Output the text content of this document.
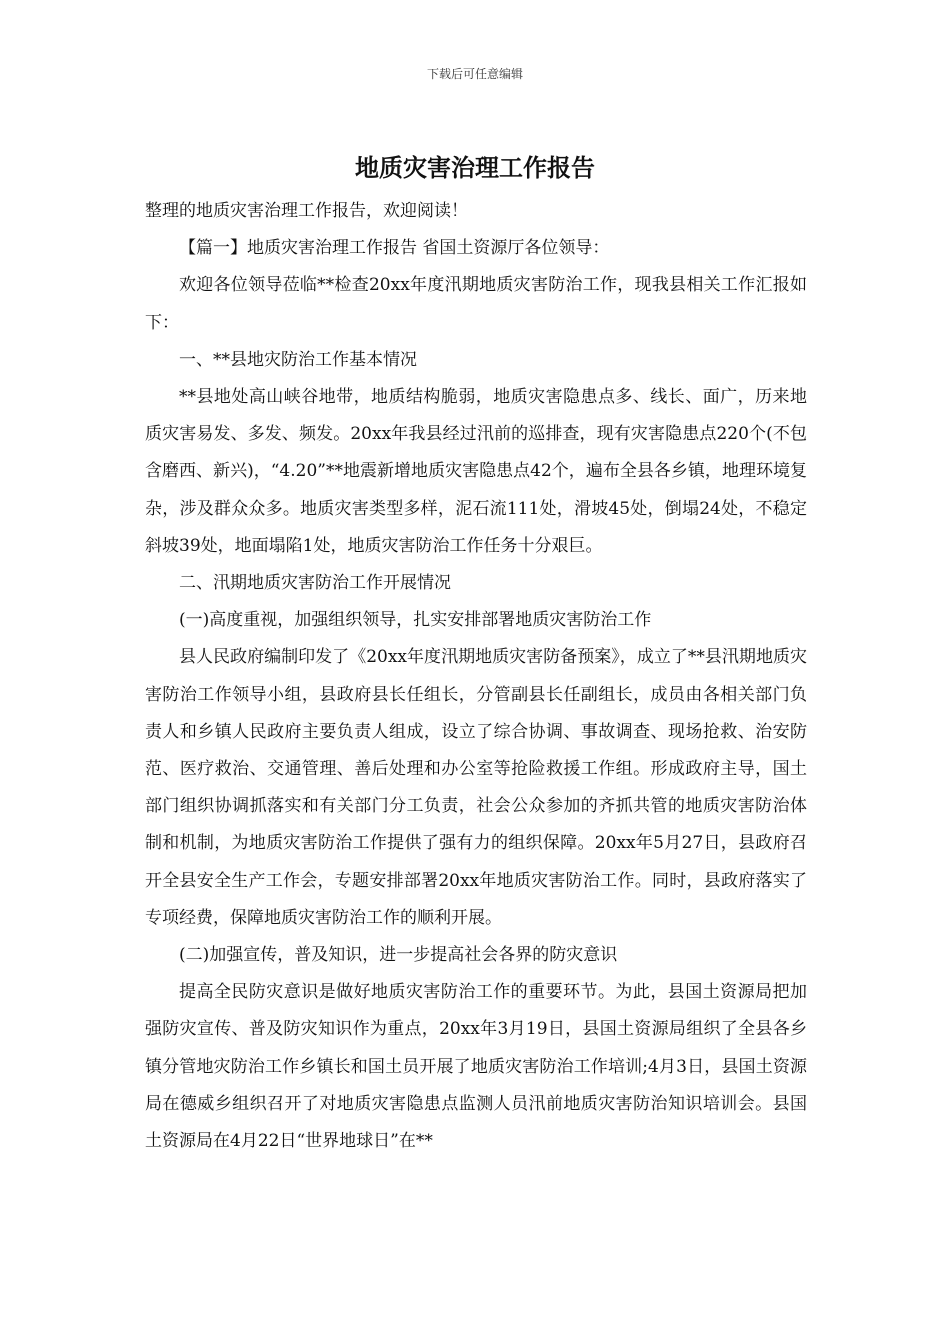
下载后可任意编辑
地质灾害治理工作报告

整理的地质灾害治理工作报告，欢迎阅读！

【篇一】地质灾害治理工作报告 省国土资源厅各位领导：

欢迎各位领导莅临**检查20xx年度汛期地质灾害防治工作，现我县相关工作汇报如下：

一、**县地灾防治工作基本情况

**县地处高山峡谷地带，地质结构脆弱，地质灾害隐患点多、线长、面广，历来地质灾害易发、多发、频发。20xx年我县经过汛前的巡排查，现有灾害隐患点220个(不包含磨西、新兴)，“4.20”**地震新增地质灾害隐患点42个，遍布全县各乡镇，地理环境复杂，涉及群众众多。地质灾害类型多样，泥石流111处，滑坡45处，倒塌24处，不稳定斜坡39处，地面塌陷1处，地质灾害防治工作任务十分艰巨。

二、汛期地质灾害防治工作开展情况

(一)高度重视，加强组织领导，扎实安排部署地质灾害防治工作

县人民政府编制印发了《20xx年度汛期地质灾害防备预案》，成立了**县汛期地质灾害防治工作领导小组，县政府县长任组长，分管副县长任副组长，成员由各相关部门负责人和乡镇人民政府主要负责人组成，设立了综合协调、事故调查、现场抢救、治安防范、医疗救治、交通管理、善后处理和办公室等抢险救援工作组。形成政府主导，国土部门组织协调抓落实和有关部门分工负责，社会公众参加的齐抓共管的地质灾害防治体制和机制，为地质灾害防治工作提供了强有力的组织保障。20xx年5月27日，县政府召开全县安全生产工作会，专题安排部署20xx年地质灾害防治工作。同时，县政府落实了专项经费，保障地质灾害防治工作的顺利开展。

(二)加强宣传，普及知识，进一步提高社会各界的防灾意识

提高全民防灾意识是做好地质灾害防治工作的重要环节。为此，县国土资源局把加强防灾宣传、普及防灾知识作为重点，20xx年3月19日，县国土资源局组织了全县各乡镇分管地灾防治工作乡镇长和国土员开展了地质灾害防治工作培训;4月3日，县国土资源局在德威乡组织召开了对地质灾害隐患点监测人员汛前地质灾害防治知识培训会。县国土资源局在4月22日“世界地球日”在**
